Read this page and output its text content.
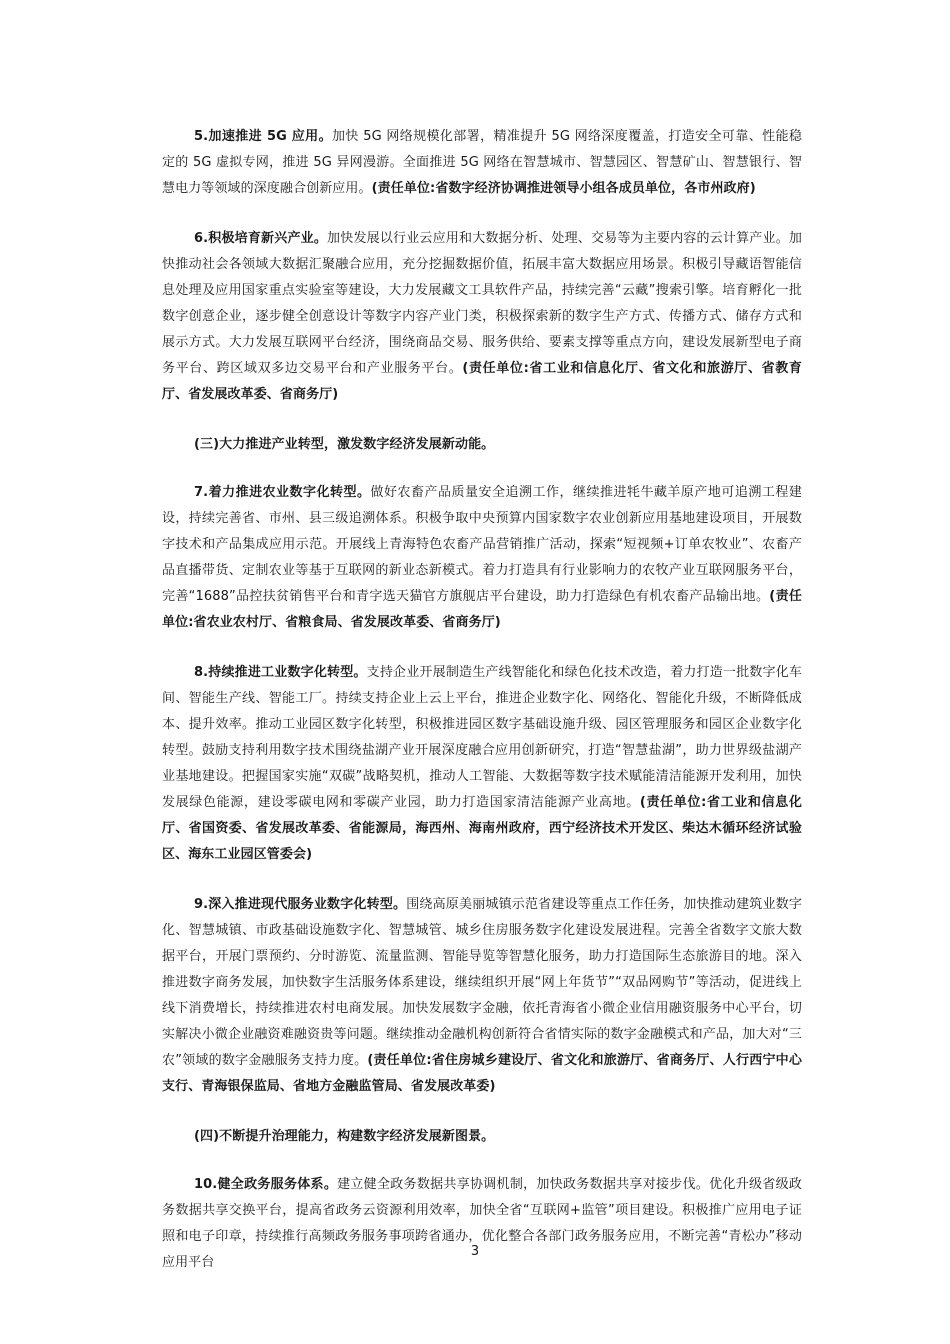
5.加速推进 5G 应用。加快 5G 网络规模化部署，精准提升 5G 网络深度覆盖，打造安全可靠、性能稳定的 5G 虚拟专网，推进 5G 异网漫游。全面推进 5G 网络在智慧城市、智慧园区、智慧矿山、智慧银行、智慧电力等领域的深度融合创新应用。(责任单位:省数字经济协调推进领导小组各成员单位，各市州政府)

6.积极培育新兴产业。加快发展以行业云应用和大数据分析、处理、交易等为主要内容的云计算产业。加快推动社会各领域大数据汇聚融合应用，充分挖掘数据价值，拓展丰富大数据应用场景。积极引导藏语智能信息处理及应用国家重点实验室等建设，大力发展藏文工具软件产品，持续完善“云藏”搜索引擎。培育孵化一批数字创意企业，逐步健全创意设计等数字内容产业门类，积极探索新的数字生产方式、传播方式、储存方式和展示方式。大力发展互联网平台经济，围绕商品交易、服务供给、要素支撑等重点方向，建设发展新型电子商务平台、跨区域双多边交易平台和产业服务平台。(责任单位:省工业和信息化厅、省文化和旅游厅、省教育厅、省发展改革委、省商务厅)

(三)大力推进产业转型，激发数字经济发展新动能。

7.着力推进农业数字化转型。做好农畜产品质量安全追溯工作，继续推进牦牛藏羊原产地可追溯工程建设，持续完善省、市州、县三级追溯体系。积极争取中央预算内国家数字农业创新应用基地建设项目，开展数字技术和产品集成应用示范。开展线上青海特色农畜产品营销推广活动，探索“短视频+订单农牧业”、农畜产品直播带货、定制农业等基于互联网的新业态新模式。着力打造具有行业影响力的农牧产业互联网服务平台，完善“1688”品控扶贫销售平台和青字选天猫官方旗舰店平台建设，助力打造绿色有机农畜产品输出地。(责任单位:省农业农村厅、省粮食局、省发展改革委、省商务厅)

8.持续推进工业数字化转型。支持企业开展制造生产线智能化和绿色化技术改造，着力打造一批数字化车间、智能生产线、智能工厂。持续支持企业上云上平台，推进企业数字化、网络化、智能化升级，不断降低成本、提升效率。推动工业园区数字化转型，积极推进园区数字基础设施升级、园区管理服务和园区企业数字化转型。鼓励支持利用数字技术围绕盐湖产业开展深度融合应用创新研究，打造“智慧盐湖”，助力世界级盐湖产业基地建设。把握国家实施“双碳”战略契机，推动人工智能、大数据等数字技术赋能清洁能源开发利用，加快发展绿色能源，建设零碳电网和零碳产业园，助力打造国家清洁能源产业高地。(责任单位:省工业和信息化厅、省国资委、省发展改革委、省能源局，海西州、海南州政府，西宁经济技术开发区、柴达木循环经济试验区、海东工业园区管委会)

9.深入推进现代服务业数字化转型。围绕高原美丽城镇示范省建设等重点工作任务，加快推动建筑业数字化、智慧城镇、市政基础设施数字化、智慧城管、城乡住房服务数字化建设发展进程。完善全省数字文旅大数据平台，开展门票预约、分时游览、流量监测、智能导览等智慧化服务，助力打造国际生态旅游目的地。深入推进数字商务发展，加快数字生活服务体系建设，继续组织开展“网上年货节”“双品网购节”等活动，促进线上线下消费增长，持续推进农村电商发展。加快发展数字金融，依托青海省小微企业信用融资服务中心平台，切实解决小微企业融资难融资贵等问题。继续推动金融机构创新符合省情实际的数字金融模式和产品，加大对“三农”领域的数字金融服务支持力度。(责任单位:省住房城乡建设厅、省文化和旅游厅、省商务厅、人行西宁中心支行、青海银保监局、省地方金融监管局、省发展改革委)

(四)不断提升治理能力，构建数字经济发展新图景。

10.健全政务服务体系。建立健全政务数据共享协调机制，加快政务数据共享对接步伐。优化升级省级政务数据共享交换平台，提高省政务云资源利用效率，加快全省“互联网+监管”项目建设。积极推广应用电子证照和电子印章，持续推行高频政务服务事项跨省通办，优化整合各部门政务服务应用，不断完善“青松办”移动应用平台

3
